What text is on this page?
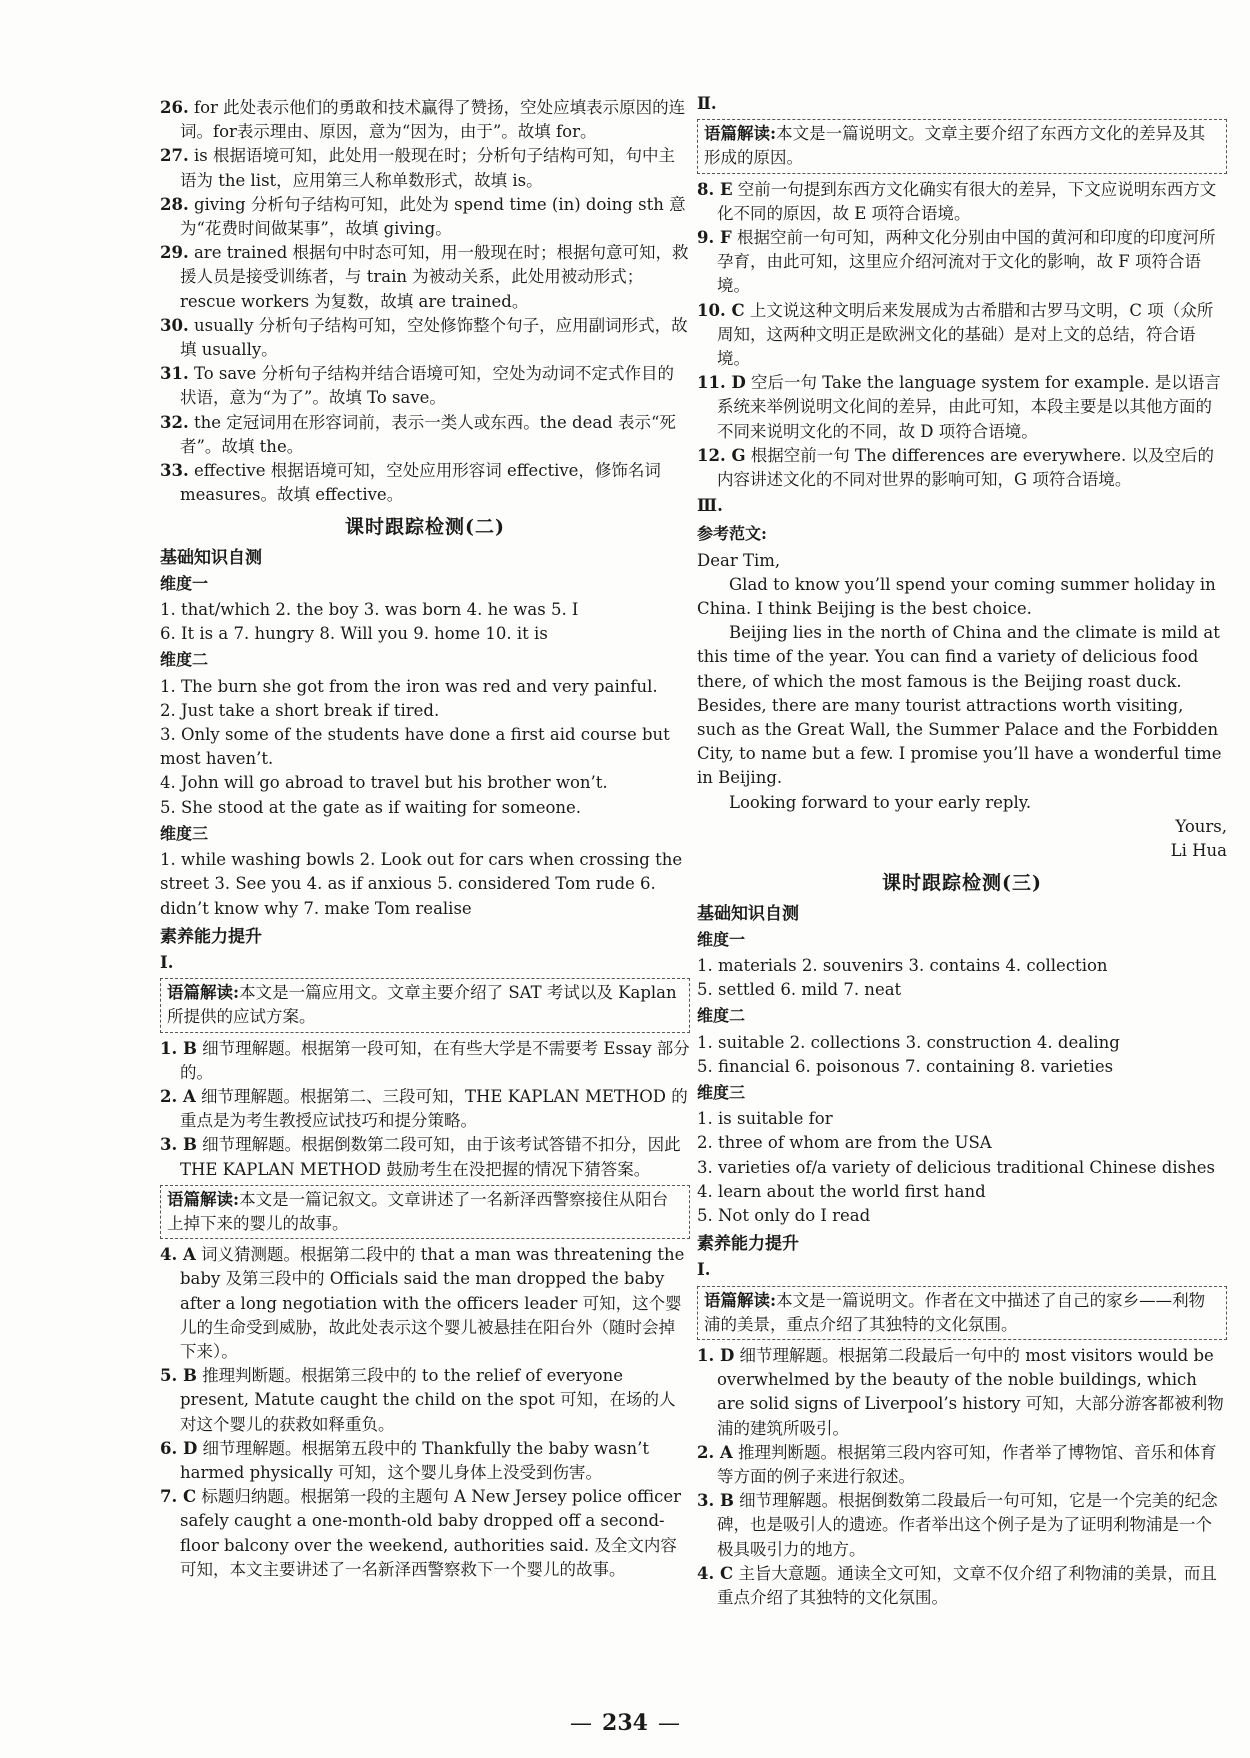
26. for 此处表示他们的勇敢和技术赢得了赞扬，空处应填表示原因的连词。for表示理由、原因，意为“因为，由于”。故填 for。
27. is 根据语境可知，此处用一般现在时；分析句子结构可知，句中主语为 the list，应用第三人称单数形式，故填 is。
28. giving 分析句子结构可知，此处为 spend time (in) doing sth 意为“花费时间做某事”，故填 giving。
29. are trained 根据句中时态可知，用一般现在时；根据句意可知，救援人员是接受训练者，与 train 为被动关系，此处用被动形式；rescue workers 为复数，故填 are trained。
30. usually 分析句子结构可知，空处修饰整个句子，应用副词形式，故填 usually。
31. To save 分析句子结构并结合语境可知，空处为动词不定式作目的状语，意为“为了”。故填 To save。
32. the 定冠词用在形容词前，表示一类人或东西。the dead 表示“死者”。故填 the。
33. effective 根据语境可知，空处应用形容词 effective，修饰名词 measures。故填 effective。
课时跟踪检测(二)
基础知识自测
维度一
1. that/which 2. the boy 3. was born 4. he was 5. I
6. It is a 7. hungry 8. Will you 9. home 10. it is
维度二
1. The burn she got from the iron was red and very painful.
2. Just take a short break if tired.
3. Only some of the students have done a first aid course but most haven’t.
4. John will go abroad to travel but his brother won’t.
5. She stood at the gate as if waiting for someone.
维度三
1. while washing bowls 2. Look out for cars when crossing the street 3. See you 4. as if anxious 5. considered Tom rude 6. didn’t know why 7. make Tom realise
素养能力提升
Ⅰ.
语篇解读:本文是一篇应用文。文章主要介绍了 SAT 考试以及 Kaplan 所提供的应试方案。
1. B 细节理解题。根据第一段可知，在有些大学是不需要考 Essay 部分的。
2. A 细节理解题。根据第二、三段可知，THE KAPLAN METHOD 的重点是为考生教授应试技巧和提分策略。
3. B 细节理解题。根据倒数第二段可知，由于该考试答错不扣分，因此 THE KAPLAN METHOD 鼓励考生在没把握的情况下猜答案。
语篇解读:本文是一篇记叙文。文章讲述了一名新泽西警察接住从阳台上掉下来的婴儿的故事。
4. A 词义猜测题。根据第二段中的 that a man was threatening the baby 及第三段中的 Officials said the man dropped the baby after a long negotiation with the officers leader 可知，这个婴儿的生命受到威胁，故此处表示这个婴儿被悬挂在阳台外（随时会掉下来）。
5. B 推理判断题。根据第三段中的 to the relief of everyone present, Matute caught the child on the spot 可知，在场的人对这个婴儿的获救如释重负。
6. D 细节理解题。根据第五段中的 Thankfully the baby wasn’t harmed physically 可知，这个婴儿身体上没受到伤害。
7. C 标题归纳题。根据第一段的主题句 A New Jersey police officer safely caught a one-month-old baby dropped off a second-floor balcony over the weekend, authorities said. 及全文内容可知，本文主要讲述了一名新泽西警察救下一个婴儿的故事。
Ⅱ.
语篇解读:本文是一篇说明文。文章主要介绍了东西方文化的差异及其形成的原因。
8. E 空前一句提到东西方文化确实有很大的差异，下文应说明东西方文化不同的原因，故 E 项符合语境。
9. F 根据空前一句可知，两种文化分别由中国的黄河和印度的印度河所孕育，由此可知，这里应介绍河流对于文化的影响，故 F 项符合语境。
10. C 上文说这种文明后来发展成为古希腊和古罗马文明，C 项（众所周知，这两种文明正是欧洲文化的基础）是对上文的总结，符合语境。
11. D 空后一句 Take the language system for example. 是以语言系统来举例说明文化间的差异，由此可知，本段主要是以其他方面的不同来说明文化的不同，故 D 项符合语境。
12. G 根据空前一句 The differences are everywhere. 以及空后的内容讲述文化的不同对世界的影响可知，G 项符合语境。
Ⅲ.
参考范文:

Dear Tim,

Glad to know you’ll spend your coming summer holiday in China. I think Beijing is the best choice.

Beijing lies in the north of China and the climate is mild at this time of the year. You can find a variety of delicious food there, of which the most famous is the Beijing roast duck. Besides, there are many tourist attractions worth visiting, such as the Great Wall, the Summer Palace and the Forbidden City, to name but a few. I promise you’ll have a wonderful time in Beijing.

Looking forward to your early reply.

Yours,

Li Hua

课时跟踪检测(三)
基础知识自测
维度一
1. materials 2. souvenirs 3. contains 4. collection
5. settled 6. mild 7. neat
维度二
1. suitable 2. collections 3. construction 4. dealing
5. financial 6. poisonous 7. containing 8. varieties
维度三
1. is suitable for
2. three of whom are from the USA
3. varieties of/a variety of delicious traditional Chinese dishes
4. learn about the world first hand
5. Not only do I read
素养能力提升
Ⅰ.
语篇解读:本文是一篇说明文。作者在文中描述了自己的家乡——利物浦的美景，重点介绍了其独特的文化氛围。
1. D 细节理解题。根据第二段最后一句中的 most visitors would be overwhelmed by the beauty of the noble buildings, which are solid signs of Liverpool’s history 可知，大部分游客都被利物浦的建筑所吸引。
2. A 推理判断题。根据第三段内容可知，作者举了博物馆、音乐和体育等方面的例子来进行叙述。
3. B 细节理解题。根据倒数第二段最后一句可知，它是一个完美的纪念碑，也是吸引人的遗迹。作者举出这个例子是为了证明利物浦是一个极具吸引力的地方。
4. C 主旨大意题。通读全文可知，文章不仅介绍了利物浦的美景，而且重点介绍了其独特的文化氛围。
— 234 —
